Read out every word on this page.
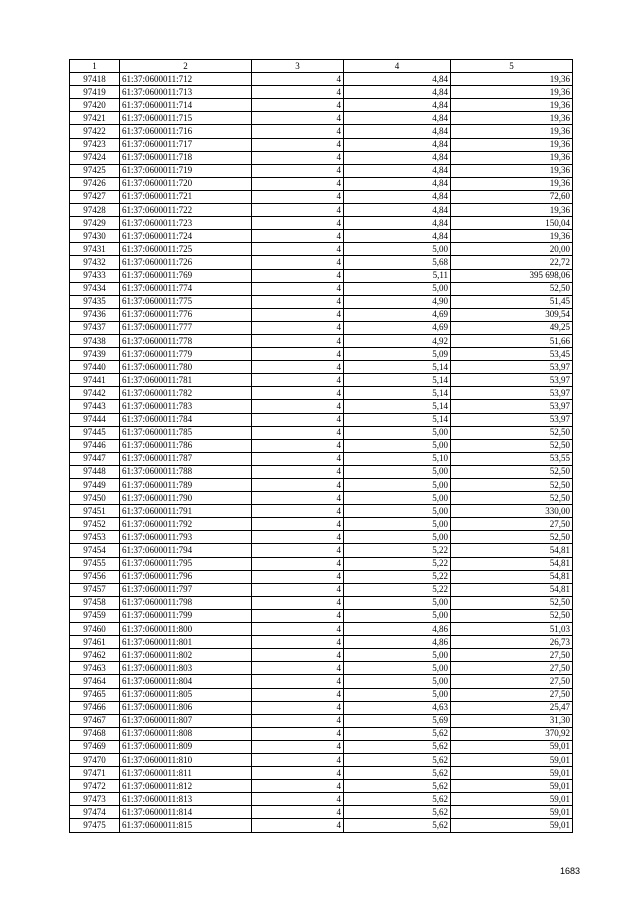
1	2	3	4	5
97418	61:37:0600011:712	4	4,84	19,36
97419	61:37:0600011:713	4	4,84	19,36
97420	61:37:0600011:714	4	4,84	19,36
97421	61:37:0600011:715	4	4,84	19,36
97422	61:37:0600011:716	4	4,84	19,36
97423	61:37:0600011:717	4	4,84	19,36
97424	61:37:0600011:718	4	4,84	19,36
97425	61:37:0600011:719	4	4,84	19,36
97426	61:37:0600011:720	4	4,84	19,36
97427	61:37:0600011:721	4	4,84	72,60
97428	61:37:0600011:722	4	4,84	19,36
97429	61:37:0600011:723	4	4,84	150,04
97430	61:37:0600011:724	4	4,84	19,36
97431	61:37:0600011:725	4	5,00	20,00
97432	61:37:0600011:726	4	5,68	22,72
97433	61:37:0600011:769	4	5,11	395 698,06
97434	61:37:0600011:774	4	5,00	52,50
97435	61:37:0600011:775	4	4,90	51,45
97436	61:37:0600011:776	4	4,69	309,54
97437	61:37:0600011:777	4	4,69	49,25
97438	61:37:0600011:778	4	4,92	51,66
97439	61:37:0600011:779	4	5,09	53,45
97440	61:37:0600011:780	4	5,14	53,97
97441	61:37:0600011:781	4	5,14	53,97
97442	61:37:0600011:782	4	5,14	53,97
97443	61:37:0600011:783	4	5,14	53,97
97444	61:37:0600011:784	4	5,14	53,97
97445	61:37:0600011:785	4	5,00	52,50
97446	61:37:0600011:786	4	5,00	52,50
97447	61:37:0600011:787	4	5,10	53,55
97448	61:37:0600011:788	4	5,00	52,50
97449	61:37:0600011:789	4	5,00	52,50
97450	61:37:0600011:790	4	5,00	52,50
97451	61:37:0600011:791	4	5,00	330,00
97452	61:37:0600011:792	4	5,00	27,50
97453	61:37:0600011:793	4	5,00	52,50
97454	61:37:0600011:794	4	5,22	54,81
97455	61:37:0600011:795	4	5,22	54,81
97456	61:37:0600011:796	4	5,22	54,81
97457	61:37:0600011:797	4	5,22	54,81
97458	61:37:0600011:798	4	5,00	52,50
97459	61:37:0600011:799	4	5,00	52,50
97460	61:37:0600011:800	4	4,86	51,03
97461	61:37:0600011:801	4	4,86	26,73
97462	61:37:0600011:802	4	5,00	27,50
97463	61:37:0600011:803	4	5,00	27,50
97464	61:37:0600011:804	4	5,00	27,50
97465	61:37:0600011:805	4	5,00	27,50
97466	61:37:0600011:806	4	4,63	25,47
97467	61:37:0600011:807	4	5,69	31,30
97468	61:37:0600011:808	4	5,62	370,92
97469	61:37:0600011:809	4	5,62	59,01
97470	61:37:0600011:810	4	5,62	59,01
97471	61:37:0600011:811	4	5,62	59,01
97472	61:37:0600011:812	4	5,62	59,01
97473	61:37:0600011:813	4	5,62	59,01
97474	61:37:0600011:814	4	5,62	59,01
97475	61:37:0600011:815	4	5,62	59,01
1683
